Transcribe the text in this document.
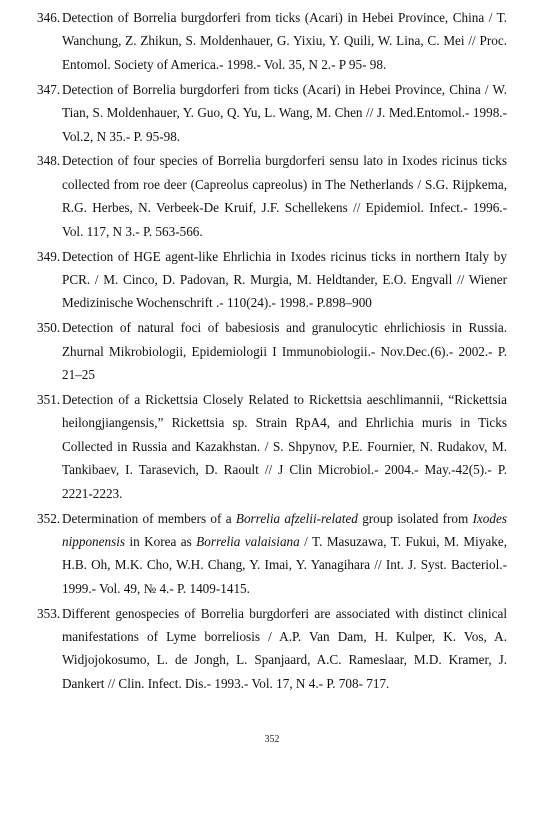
346. Detection of Borrelia burgdorferi from ticks (Acari) in Hebei Province, China / T. Wanchung, Z. Zhikun, S. Moldenhauer, G. Yixiu, Y. Quili, W. Lina, C. Mei // Proc. Entomol. Society of America.- 1998.- Vol. 35, N 2.- P 95- 98.
347. Detection of Borrelia burgdorferi from ticks (Acari) in Hebei Province, China / W. Tian, S. Moldenhauer, Y. Guo, Q. Yu, L. Wang, M. Chen // J. Med.Entomol.- 1998.- Vol.2, N 35.- P. 95-98.
348. Detection of four species of Borrelia burgdorferi sensu lato in Ixodes ricinus ticks collected from roe deer (Capreolus capreolus) in The Netherlands / S.G. Rijpkema, R.G. Herbes, N. Verbeek-De Kruif, J.F. Schellekens // Epidemiol. Infect.- 1996.- Vol. 117, N 3.- P. 563-566.
349. Detection of HGE agent-like Ehrlichia in Ixodes ricinus ticks in northern Italy by PCR. / M. Cinco, D. Padovan, R. Murgia, M. Heldtander, E.O. Engvall // Wiener Medizinische Wochenschrift .- 110(24).- 1998.- P.898–900
350. Detection of natural foci of babesiosis and granulocytic ehrlichiosis in Russia. Zhurnal Mikrobiologii, Epidemiologii I Immunobiologii.- Nov.Dec.(6).- 2002.- P. 21–25
351. Detection of a Rickettsia Closely Related to Rickettsia aeschlimannii, “Rickettsia heilongjiangensis,” Rickettsia sp. Strain RpA4, and Ehrlichia muris in Ticks Collected in Russia and Kazakhstan. / S. Shpynov, P.E. Fournier, N. Rudakov, M. Tankibaev, I. Tarasevich, D. Raoult // J Clin Microbiol.- 2004.- May.-42(5).- P. 2221-2223.
352. Determination of members of a Borrelia afzelii-related group isolated from Ixodes nipponensis in Korea as Borrelia valaisiana / T. Masuzawa, T. Fukui, M. Miyake, H.B. Oh, M.K. Cho, W.H. Chang, Y. Imai, Y. Yanagihara // Int. J. Syst. Bacteriol.- 1999.- Vol. 49, № 4.- P. 1409-1415.
353. Different genospecies of Borrelia burgdorferi are associated with distinct clinical manifestations of Lyme borreliosis / A.P. Van Dam, H. Kulper, K. Vos, A. Widjojokosumo, L. de Jongh, L. Spanjaard, A.C. Rameslaar, M.D. Kramer, J. Dankert // Clin. Infect. Dis.- 1993.- Vol. 17, N 4.- P. 708- 717.
352
